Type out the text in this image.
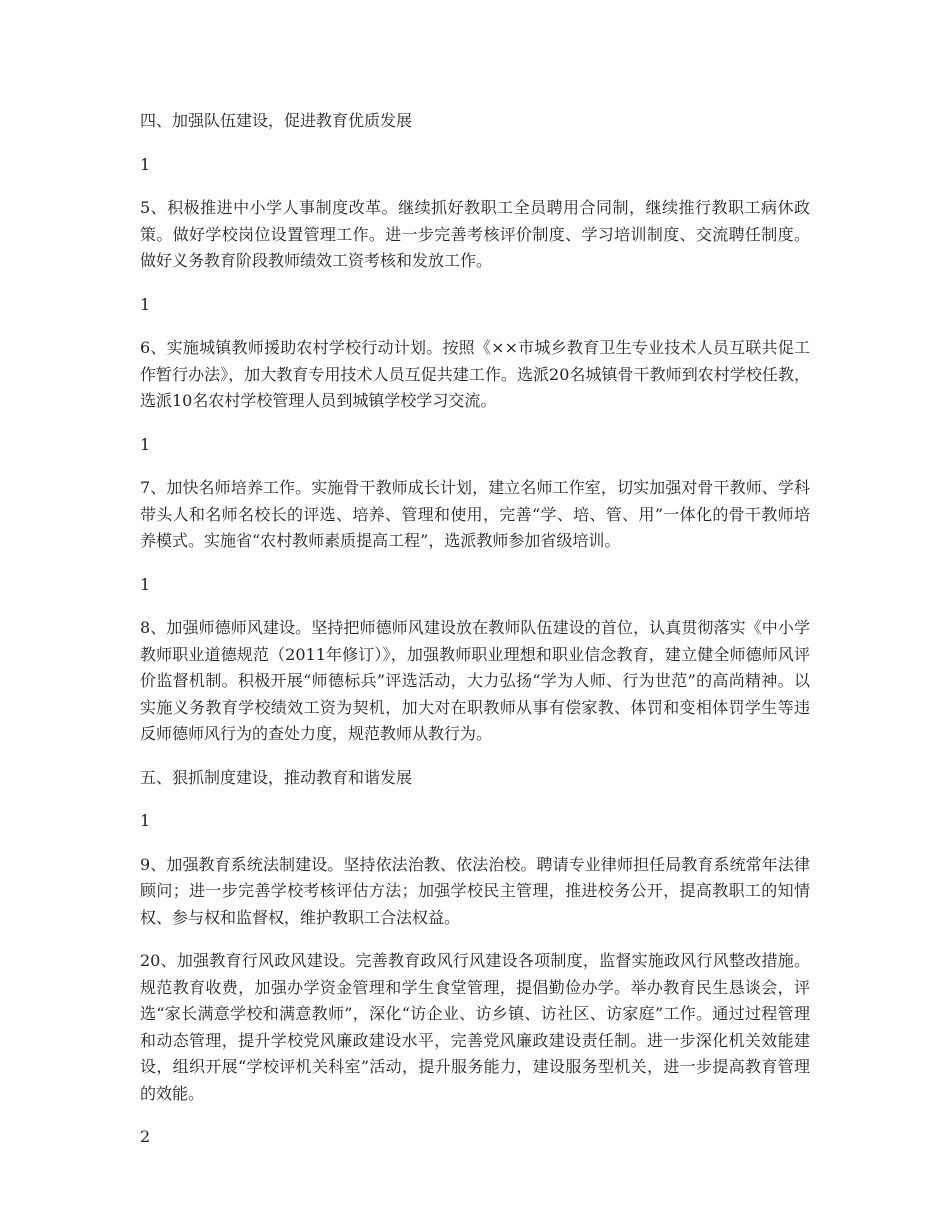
四、加强队伍建设，促进教育优质发展
1
5、积极推进中小学人事制度改革。继续抓好教职工全员聘用合同制，继续推行教职工病休政策。做好学校岗位设置管理工作。进一步完善考核评价制度、学习培训制度、交流聘任制度。做好义务教育阶段教师绩效工资考核和发放工作。
1
6、实施城镇教师援助农村学校行动计划。按照《××市城乡教育卫生专业技术人员互联共促工作暂行办法》，加大教育专用技术人员互促共建工作。选派20名城镇骨干教师到农村学校任教，选派10名农村学校管理人员到城镇学校学习交流。
1
7、加快名师培养工作。实施骨干教师成长计划，建立名师工作室，切实加强对骨干教师、学科带头人和名师名校长的评选、培养、管理和使用，完善“学、培、管、用”一体化的骨干教师培养模式。实施省“农村教师素质提高工程”，选派教师参加省级培训。
1
8、加强师德师风建设。坚持把师德师风建设放在教师队伍建设的首位，认真贯彻落实《中小学教师职业道德规范（2011年修订）》，加强教师职业理想和职业信念教育，建立健全师德师风评价监督机制。积极开展“师德标兵”评选活动，大力弘扬“学为人师、行为世范”的高尚精神。以实施义务教育学校绩效工资为契机，加大对在职教师从事有偿家教、体罚和变相体罚学生等违反师德师风行为的查处力度，规范教师从教行为。
五、狠抓制度建设，推动教育和谐发展
1
9、加强教育系统法制建设。坚持依法治教、依法治校。聘请专业律师担任局教育系统常年法律顾问；进一步完善学校考核评估方法；加强学校民主管理，推进校务公开，提高教职工的知情权、参与权和监督权，维护教职工合法权益。
20、加强教育行风政风建设。完善教育政风行风建设各项制度，监督实施政风行风整改措施。规范教育收费，加强办学资金管理和学生食堂管理，提倡勤俭办学。举办教育民生恳谈会，评选“家长满意学校和满意教师”，深化“访企业、访乡镇、访社区、访家庭”工作。通过过程管理和动态管理，提升学校党风廉政建设水平，完善党风廉政建设责任制。进一步深化机关效能建设，组织开展“学校评机关科室”活动，提升服务能力，建设服务型机关，进一步提高教育管理的效能。
2
